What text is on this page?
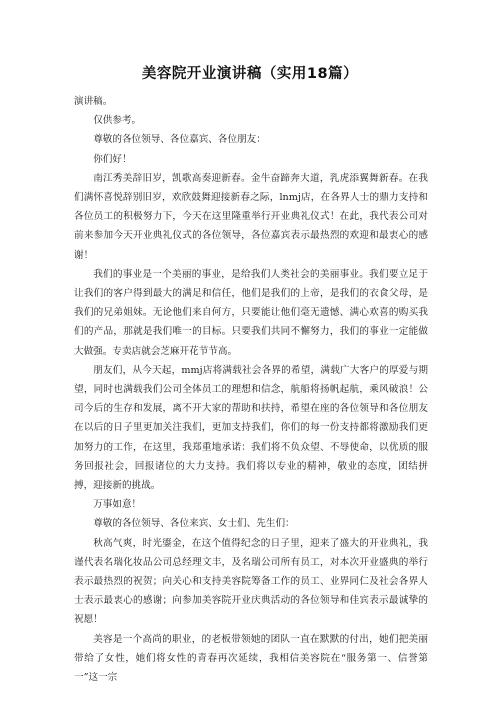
美容院开业演讲稿（实用18篇）

演讲稿。

仅供参考。

尊敬的各位领导、各位嘉宾、各位朋友：

你们好！

南江秀美辞旧岁，凯歌高奏迎新春。金牛奋蹄奔大道，乳虎添翼舞新春。在我们满怀喜悦辞别旧岁，欢欣鼓舞迎接新春之际，lnmj店，在各界人士的鼎力支持和各位员工的积极努力下，今天在这里隆重举行开业典礼仪式！在此，我代表公司对前来参加今天开业典礼仪式的各位领导，各位嘉宾表示最热烈的欢迎和最衷心的感谢！

我们的事业是一个美丽的事业，是给我们人类社会的美丽事业。我们要立足于让我们的客户得到最大的满足和信任，他们是我们的上帝，是我们的衣食父母，是我们的兄弟姐妹。无论他们来自何方，只要能让他们毫无遗憾、满心欢喜的购买我们的产品，那就是我们唯一的目标。只要我们共同不懈努力，我们的事业一定能做大做强。专卖店就会芝麻开花节节高。

朋友们，从今天起，mmj店将满载社会各界的希望，满载广大客户的厚爱与期望，同时也满载我们公司全体员工的理想和信念，航船将扬帆起航，乘风破浪！公司今后的生存和发展，离不开大家的帮助和扶持，希望在座的各位领导和各位朋友在以后的日子里更加关注我们，更加支持我们，你们的每一份支持都将激励我们更加努力的工作，在这里，我郑重地承诺：我们将不负众望、不辱使命，以优质的服务回报社会，回报诸位的大力支持。我们将以专业的精神，敬业的态度，团结拼搏，迎接新的挑战。

万事如意！

尊敬的各位领导、各位来宾、女士们、先生们：

秋高气爽，时光鎏金，在这个值得纪念的日子里，迎来了盛大的开业典礼，我谨代表名瑞化妆品公司总经理文丰，及名瑞公司所有员工，对本次开业盛典的举行表示最热烈的祝贺；向关心和支持美容院筹备工作的员工、业界同仁及社会各界人士表示最衷心的感谢；向参加美容院开业庆典活动的各位领导和佳宾表示最诚挚的祝愿！

美容是一个高尚的职业，的老板带领她的团队一直在默默的付出，她们把美丽带给了女性，她们将女性的青春再次延续，我相信美容院在“服务第一、信誉第一”这一宗
